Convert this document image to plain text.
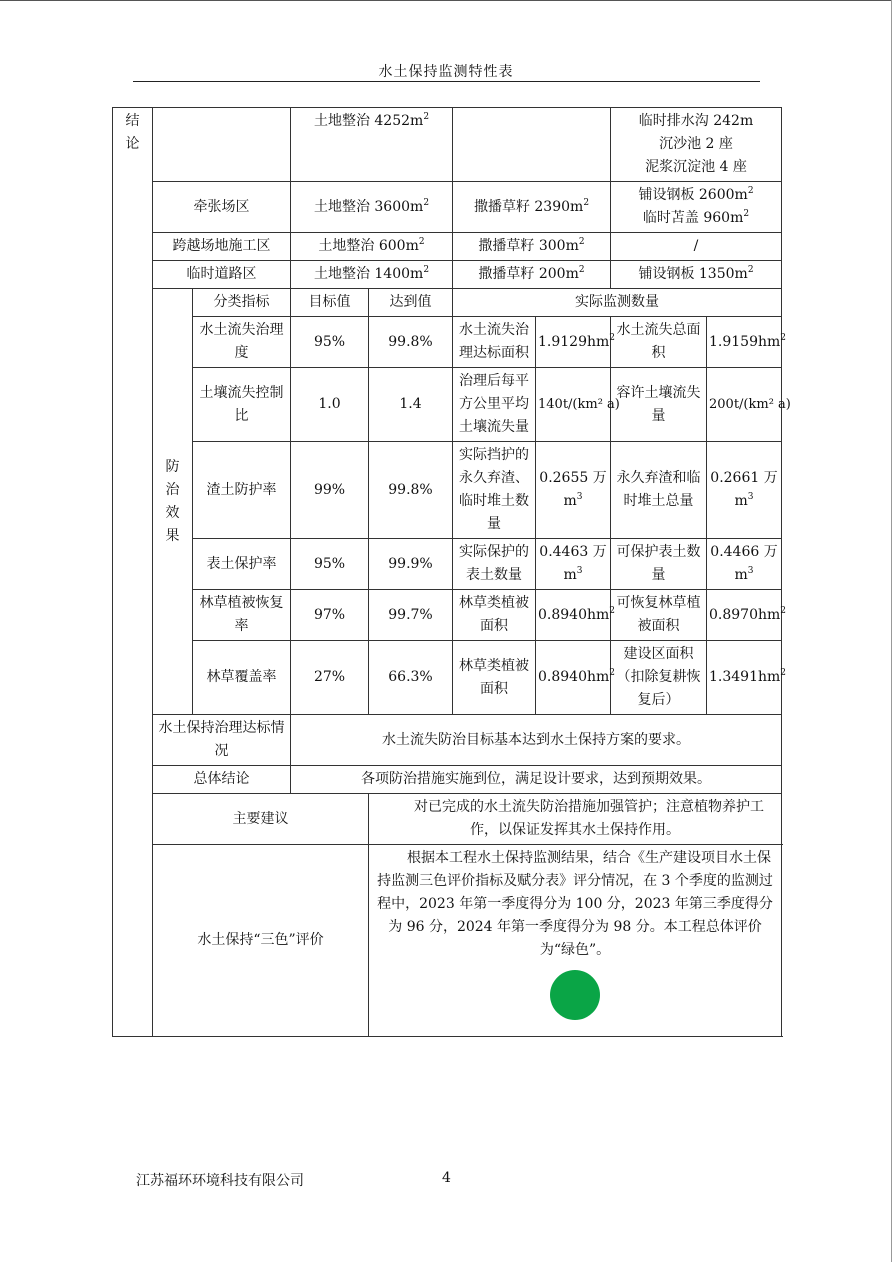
水土保持监测特性表
结论			土地整治 $4252m^2$				临时排水沟 242m
沉沙池 2 座
泥浆沉淀池 4 座	

	牵张场区		土地整治 $3600m^2$		撒播草籽 $2390m^2$		铺设钢板 $2600m^2$
临时苫盖 $960m^2$

	跨越场地施工区		土地整治 $600m^2$		撒播草籽 $300m^2$		/	
	临时道路区		土地整治 $1400m^2$		撒播草籽 $200m^2$		铺设钢板 $1350m^2$

	防治效果	分类指标	目标值	达到值	实际监测数量			
		水土流失治理度	95%	99.8%	水土流失治理达标面积	$1.9129hm^2$	水土流失总面积	$1.9159hm^2$
		土壤流失控制比	1.0	1.4	治理后每平方公里平均土壤流失量	140t/(km² a)	容许土壤流失量	200t/(km² a)
		渣土防护率	99%	99.8%	实际挡护的永久弃渣、临时堆土数量	0.2655 万 $m^3$	永久弃渣和临时堆土总量	0.2661 万 $m^3$
		表土保护率	95%	99.9%	实际保护的表土数量	0.4463 万 $m^3$	可保护表土数量	0.4466 万 $m^3$
		林草植被恢复率	97%	99.7%	林草类植被面积	$0.8940hm^2$	可恢复林草植被面积	$0.8970hm^2$
		林草覆盖率	27%	66.3%	林草类植被面积	$0.8940hm^2$	建设区面积（扣除复耕恢复后）	$1.3491hm^2$
	水土保持治理达标情况		水土流失防治目标基本达到水土保持方案的要求。					
	总体结论		各项防治措施实施到位，满足设计要求，达到预期效果。					
	主要建议			对已完成的水土流失防治措施加强管护；注意植物养护工作，以保证发挥其水土保持作用。				
	水土保持“三色”评价			根据本工程水土保持监测结果，结合《生产建设项目水土保持监测三色评价指标及赋分表》评分情况，在 3 个季度的监测过程中，2023 年第一季度得分为 100 分，2023 年第三季度得分为 96 分，2024 年第一季度得分为 98 分。本工程总体评价为“绿色”。				
江苏福环环境科技有限公司	4
